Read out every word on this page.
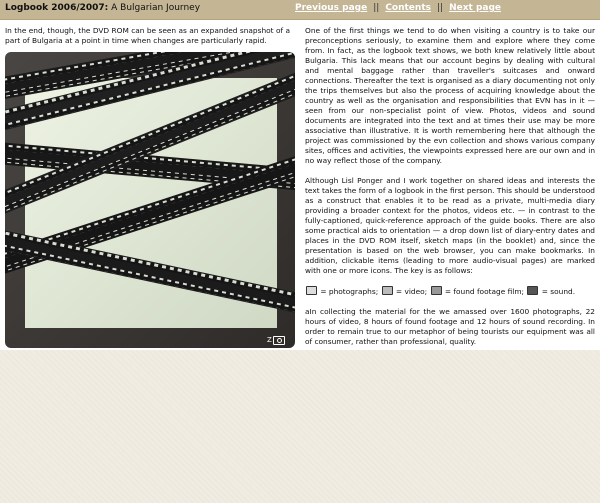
Logbook 2006/2007: A Bulgarian Journey	Previous page || Contents || Next page
In the end, though, the DVD ROM can be seen as an expanded snapshot of a part of Bulgaria at a point in time when changes are particularly rapid.
Z

One of the first things we tend to do when visiting a country is to take our preconceptions seriously, to examine them and explore where they come from. In fact, as the logbook text shows, we both knew relatively little about Bulgaria. This lack means that our account begins by dealing with cultural and mental baggage rather than traveller's suitcases and onward connections. Thereafter the text is organised as a diary documenting not only the trips themselves but also the process of acquiring knowledge about the country as well as the organisation and responsibilities that EVN has in it — seen from our non-specialist point of view. Photos, videos and sound documents are integrated into the text and at times their use may be more associative than illustrative. It is worth remembering here that although the project was commissioned by the evn collection and shows various company sites, offices and activities, the viewpoints expressed here are our own and in no way reflect those of the company.

Although Lisl Ponger and I work together on shared ideas and interests the text takes the form of a logbook in the first person. This should be understood as a construct that enables it to be read as a private, multi-media diary providing a broader context for the photos, videos etc. — in contrast to the fully-captioned, quick-reference approach of the guide books. There are also some practical aids to orientation — a drop down list of diary-entry dates and places in the DVD ROM itself, sketch maps (in the booklet) and, since the presentation is based on the web browser, you can make bookmarks. In addition, clickable items (leading to more audio-visual pages) are marked with one or more icons. The key is as follows:

= photographs; = video; = found footage film; = sound.

aIn collecting the material for the we amassed over 1600 photographs, 22 hours of video, 8 hours of found footage and 12 hours of sound recording. In order to remain true to our metaphor of being tourists our equipment was all of consumer, rather than professional, quality.
